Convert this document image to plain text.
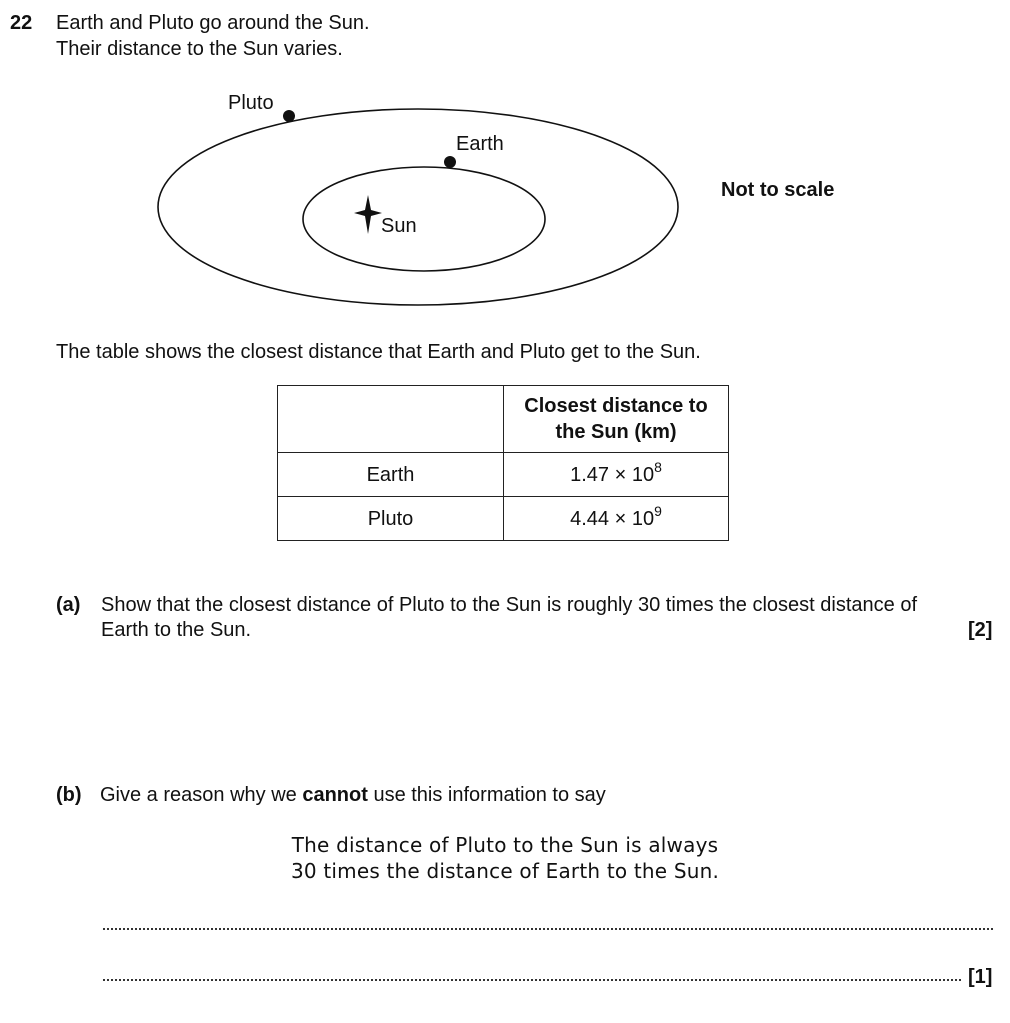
22 Earth and Pluto go around the Sun.
Their distance to the Sun varies.
Pluto
Earth
Sun
Not to scale
The table shows the closest distance that Earth and Pluto get to the Sun.
	Closest distance to
the Sun (km)
Earth	$1.47 \times 10^8$
Pluto	$4.44 \times 10^9$
(a) Show that the closest distance of Pluto to the Sun is roughly 30 times the closest distance of
Earth to the Sun.	[2]
(b) Give a reason why we cannot use this information to say
The distance of Pluto to the Sun is always
30 times the distance of Earth to the Sun.
[1]
